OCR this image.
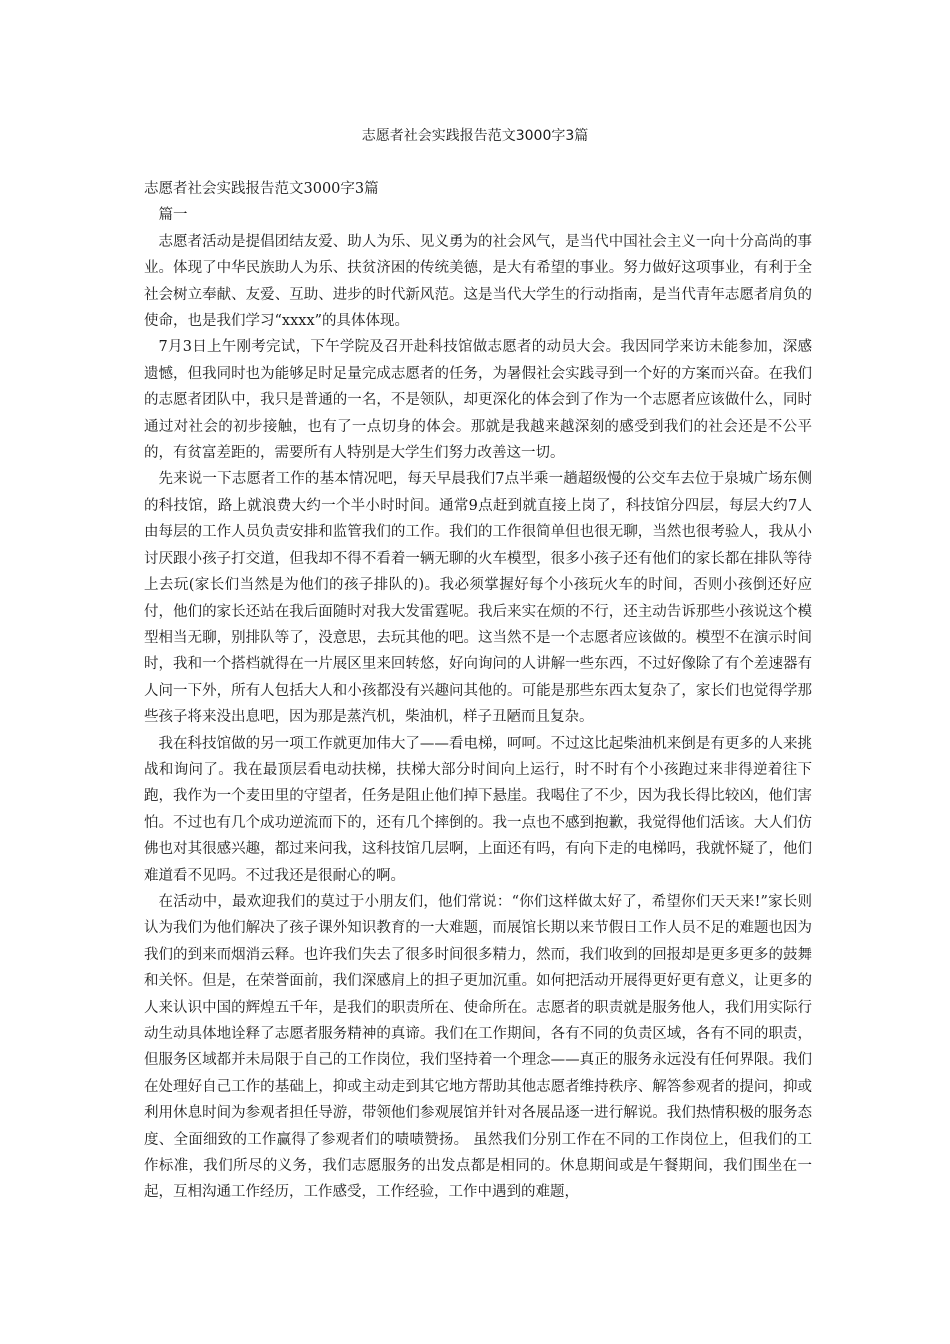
志愿者社会实践报告范文3000字3篇

志愿者社会实践报告范文3000字3篇

篇一

志愿者活动是提倡团结友爱、助人为乐、见义勇为的社会风气，是当代中国社会主义一向十分高尚的事业。体现了中华民族助人为乐、扶贫济困的传统美德，是大有希望的事业。努力做好这项事业，有利于全社会树立奉献、友爱、互助、进步的时代新风范。这是当代大学生的行动指南，是当代青年志愿者肩负的使命，也是我们学习“xxxx”的具体体现。

7月3日上午刚考完试，下午学院及召开赴科技馆做志愿者的动员大会。我因同学来访未能参加，深感遗憾，但我同时也为能够足时足量完成志愿者的任务，为暑假社会实践寻到一个好的方案而兴奋。在我们的志愿者团队中，我只是普通的一名，不是领队，却更深化的体会到了作为一个志愿者应该做什么，同时通过对社会的初步接触，也有了一点切身的体会。那就是我越来越深刻的感受到我们的社会还是不公平的，有贫富差距的，需要所有人特别是大学生们努力改善这一切。

先来说一下志愿者工作的基本情况吧，每天早晨我们7点半乘一趟超级慢的公交车去位于泉城广场东侧的科技馆，路上就浪费大约一个半小时时间。通常9点赶到就直接上岗了，科技馆分四层，每层大约7人由每层的工作人员负责安排和监管我们的工作。我们的工作很简单但也很无聊，当然也很考验人，我从小讨厌跟小孩子打交道，但我却不得不看着一辆无聊的火车模型，很多小孩子还有他们的家长都在排队等待上去玩(家长们当然是为他们的孩子排队的)。我必须掌握好每个小孩玩火车的时间，否则小孩倒还好应付，他们的家长还站在我后面随时对我大发雷霆呢。我后来实在烦的不行，还主动告诉那些小孩说这个模型相当无聊，别排队等了，没意思，去玩其他的吧。这当然不是一个志愿者应该做的。模型不在演示时间时，我和一个搭档就得在一片展区里来回转悠，好向询问的人讲解一些东西，不过好像除了有个差速器有人问一下外，所有人包括大人和小孩都没有兴趣问其他的。可能是那些东西太复杂了，家长们也觉得学那些孩子将来没出息吧，因为那是蒸汽机，柴油机，样子丑陋而且复杂。

我在科技馆做的另一项工作就更加伟大了——看电梯，呵呵。不过这比起柴油机来倒是有更多的人来挑战和询问了。我在最顶层看电动扶梯，扶梯大部分时间向上运行，时不时有个小孩跑过来非得逆着往下跑，我作为一个麦田里的守望者，任务是阻止他们掉下悬崖。我喝住了不少，因为我长得比较凶，他们害怕。不过也有几个成功逆流而下的，还有几个摔倒的。我一点也不感到抱歉，我觉得他们活该。大人们仿佛也对其很感兴趣，都过来问我，这科技馆几层啊，上面还有吗，有向下走的电梯吗，我就怀疑了，他们难道看不见吗。不过我还是很耐心的啊。

在活动中，最欢迎我们的莫过于小朋友们，他们常说：“你们这样做太好了，希望你们天天来!”家长则认为我们为他们解决了孩子课外知识教育的一大难题，而展馆长期以来节假日工作人员不足的难题也因为我们的到来而烟消云释。也许我们失去了很多时间很多精力，然而，我们收到的回报却是更多更多的鼓舞和关怀。但是，在荣誉面前，我们深感肩上的担子更加沉重。如何把活动开展得更好更有意义，让更多的人来认识中国的辉煌五千年，是我们的职责所在、使命所在。志愿者的职责就是服务他人，我们用实际行动生动具体地诠释了志愿者服务精神的真谛。我们在工作期间，各有不同的负责区域，各有不同的职责，但服务区域都并未局限于自己的工作岗位，我们坚持着一个理念——真正的服务永远没有任何界限。我们在处理好自己工作的基础上，抑或主动走到其它地方帮助其他志愿者维持秩序、解答参观者的提问，抑或利用休息时间为参观者担任导游，带领他们参观展馆并针对各展品逐一进行解说。我们热情积极的服务态度、全面细致的工作赢得了参观者们的啧啧赞扬。 虽然我们分别工作在不同的工作岗位上，但我们的工作标准，我们所尽的义务，我们志愿服务的出发点都是相同的。休息期间或是午餐期间，我们围坐在一起，互相沟通工作经历，工作感受，工作经验，工作中遇到的难题，
